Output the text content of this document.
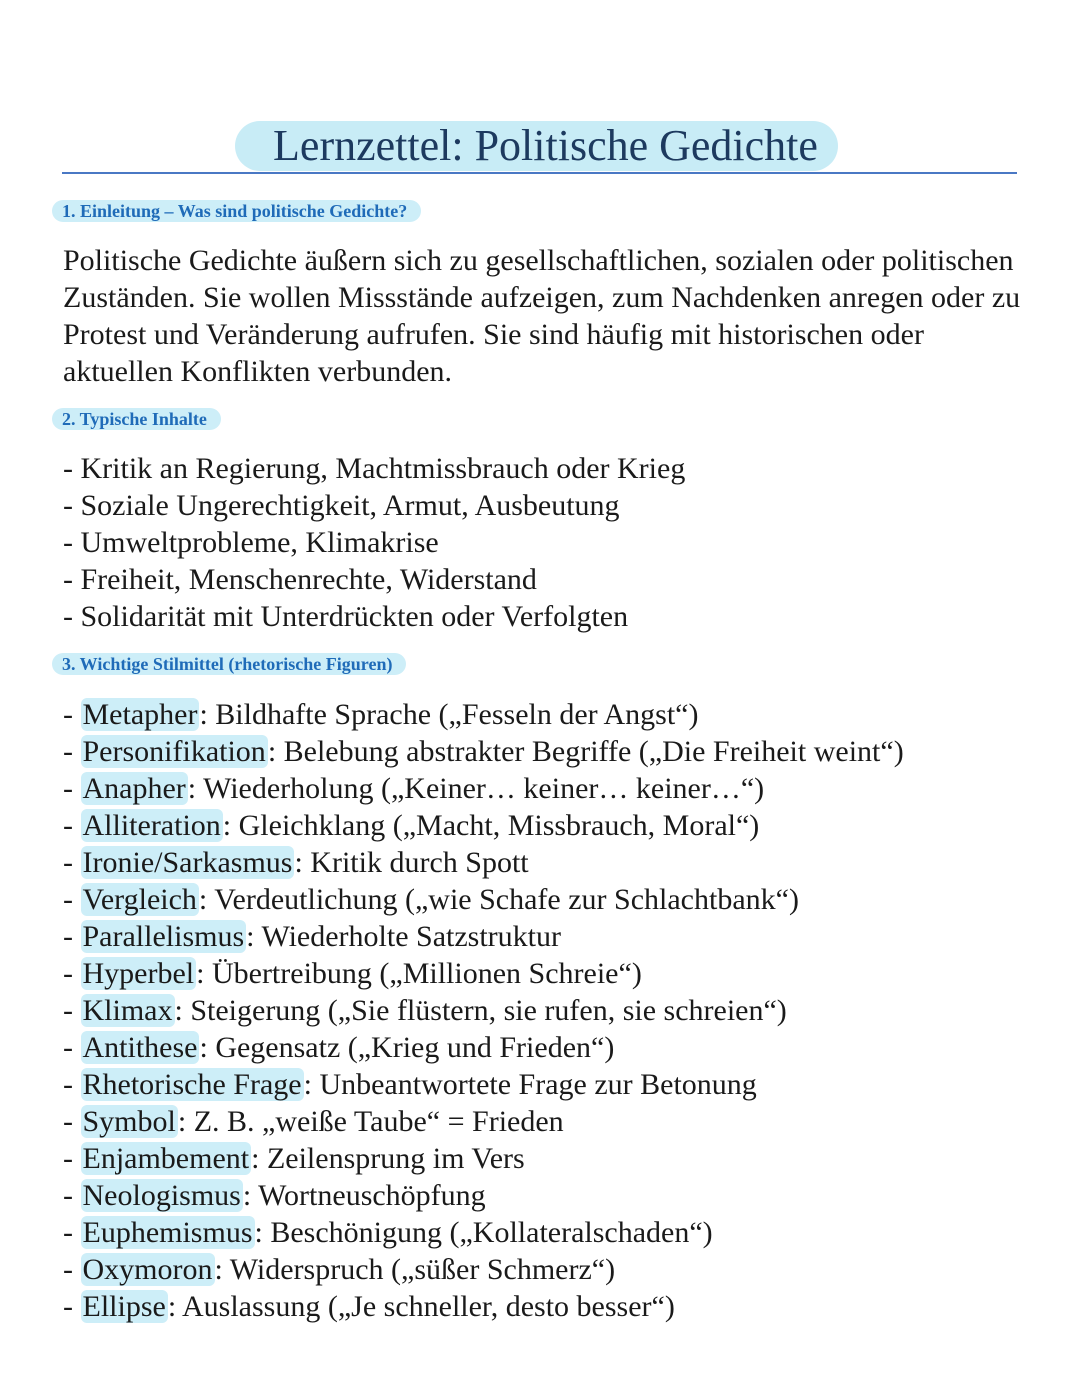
Lernzettel: Politische Gedichte
1. Einleitung – Was sind politische Gedichte?
Politische Gedichte äußern sich zu gesellschaftlichen, sozialen oder politischen Zuständen. Sie wollen Missstände aufzeigen, zum Nachdenken anregen oder zu Protest und Veränderung aufrufen. Sie sind häufig mit historischen oder aktuellen Konflikten verbunden.
2. Typische Inhalte
- Kritik an Regierung, Machtmissbrauch oder Krieg
- Soziale Ungerechtigkeit, Armut, Ausbeutung
- Umweltprobleme, Klimakrise
- Freiheit, Menschenrechte, Widerstand
- Solidarität mit Unterdrückten oder Verfolgten
3. Wichtige Stilmittel (rhetorische Figuren)
- Metapher: Bildhafte Sprache („Fesseln der Angst“)
- Personifikation: Belebung abstrakter Begriffe („Die Freiheit weint“)
- Anapher: Wiederholung („Keiner… keiner… keiner…“)
- Alliteration: Gleichklang („Macht, Missbrauch, Moral“)
- Ironie/Sarkasmus: Kritik durch Spott
- Vergleich: Verdeutlichung („wie Schafe zur Schlachtbank“)
- Parallelismus: Wiederholte Satzstruktur
- Hyperbel: Übertreibung („Millionen Schreie“)
- Klimax: Steigerung („Sie flüstern, sie rufen, sie schreien“)
- Antithese: Gegensatz („Krieg und Frieden“)
- Rhetorische Frage: Unbeantwortete Frage zur Betonung
- Symbol: Z. B. „weiße Taube“ = Frieden
- Enjambement: Zeilensprung im Vers
- Neologismus: Wortneuschöpfung
- Euphemismus: Beschönigung („Kollateralschaden“)
- Oxymoron: Widerspruch („süßer Schmerz“)
- Ellipse: Auslassung („Je schneller, desto besser“)
